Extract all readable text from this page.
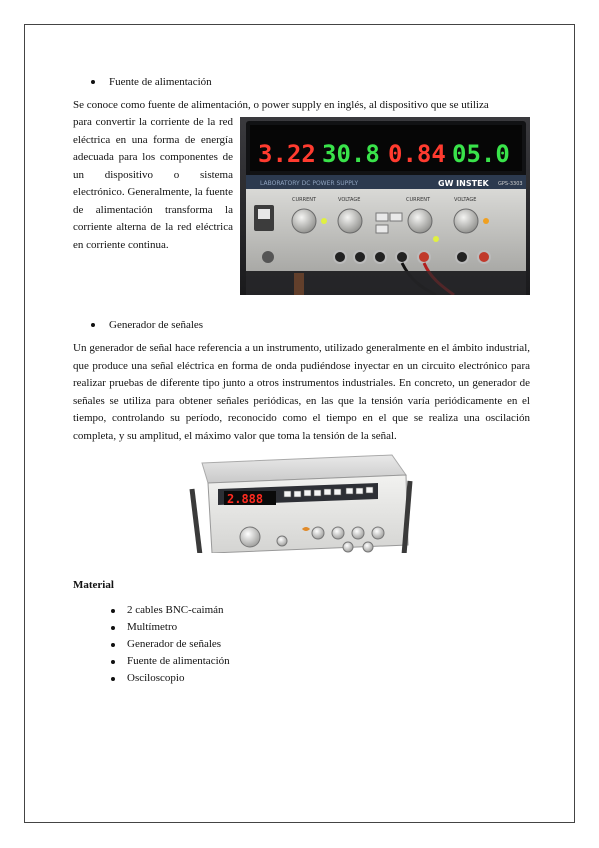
Fuente de alimentación

Se conoce como fuente de alimentación, o power supply en inglés, al dispositivo que se utiliza

para convertir la corriente de la red eléctrica en una forma de energía adecuada para los componentes de un dispositivo o sistema electrónico. Generalmente, la fuente de alimentación transforma la corriente alterna de la red eléctrica en corriente continua.

3.22 30.8 0.84 05.0
LABORATORY DC POWER SUPPLY	GW INSTEK GPS-3303
CURRENT	VOLTAGE	CURRENT	VOLTAGE
Generador de señales

Un generador de señal hace referencia a un instrumento, utilizado generalmente en el ámbito industrial, que produce una señal eléctrica en forma de onda pudiéndose inyectar en un circuito electrónico para realizar pruebas de diferente tipo junto a otros instrumentos industriales. En concreto, un generador de señales se utiliza para obtener señales periódicas, en las que la tensión varía periódicamente en el tiempo, controlando su período, reconocido como el tiempo en el que se realiza una oscilación completa, y su amplitud, el máximo valor que toma la tensión de la señal.

2.888
Material
2 cables BNC-caimán
Multímetro
Generador de señales
Fuente de alimentación
Osciloscopio
